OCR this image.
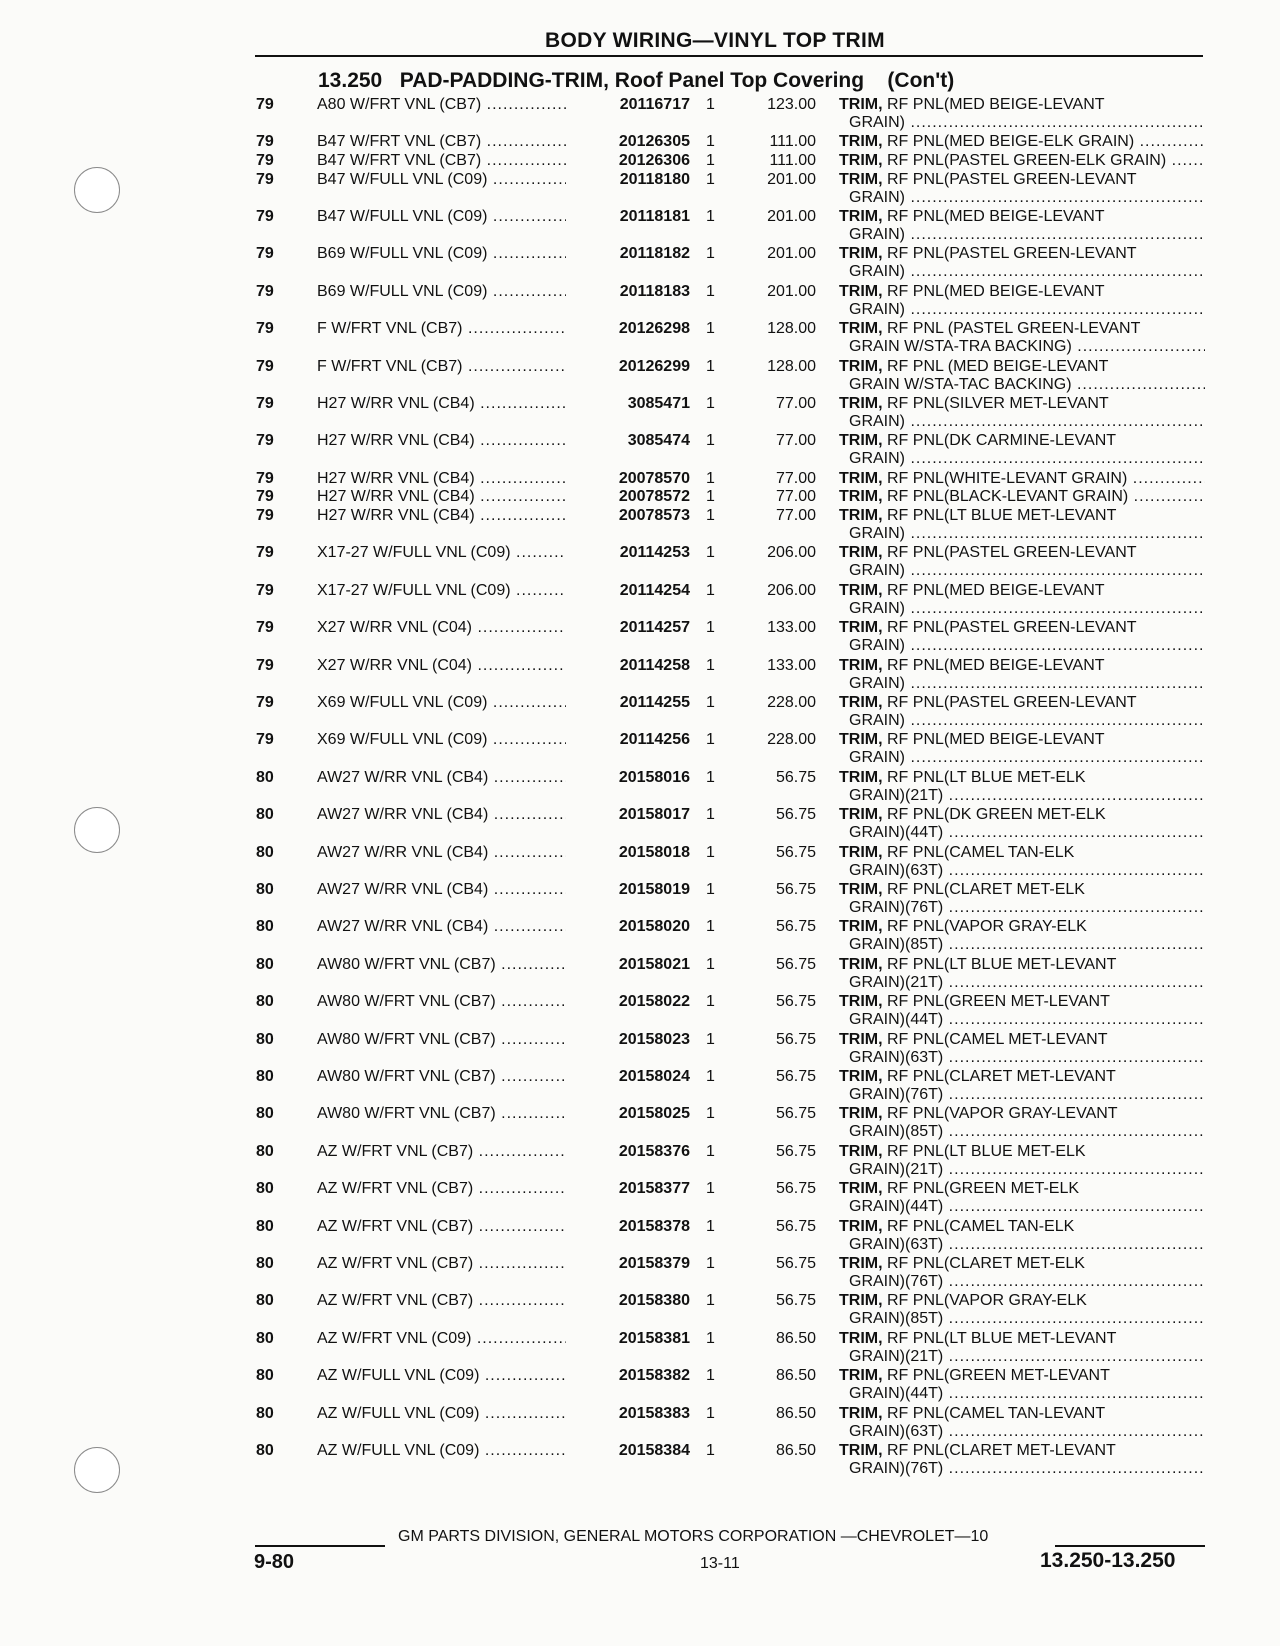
BODY WIRING—VINYL TOP TRIM
13.250 PAD-PADDING-TRIM, Roof Panel Top Covering (Con't)
79	A80 W/FRT VNL (CB7) .....	20116717 1	123.00 TRIM, RF PNL(MED BEIGE-LEVANT
GRAIN) .....
79	B47 W/FRT VNL (CB7) .....	20126305 1	111.00 TRIM, RF PNL(MED BEIGE-ELK GRAIN) .....
79	B47 W/FRT VNL (CB7) .....	20126306 1	111.00 TRIM, RF PNL(PASTEL GREEN-ELK GRAIN) .....
79	B47 W/FULL VNL (C09) .....	20118180 1	201.00 TRIM, RF PNL(PASTEL GREEN-LEVANT
GRAIN) .....
79	B47 W/FULL VNL (C09) .....	20118181 1	201.00 TRIM, RF PNL(MED BEIGE-LEVANT
GRAIN) .....
79	B69 W/FULL VNL (C09) .....	20118182 1	201.00 TRIM, RF PNL(PASTEL GREEN-LEVANT
GRAIN) .....
79	B69 W/FULL VNL (C09) .....	20118183 1	201.00 TRIM, RF PNL(MED BEIGE-LEVANT
GRAIN) .....
79	F W/FRT VNL (CB7) .....	20126298 1	128.00 TRIM, RF PNL (PASTEL GREEN-LEVANT
GRAIN W/STA-TRA BACKING) .....
79	F W/FRT VNL (CB7) .....	20126299 1	128.00 TRIM, RF PNL (MED BEIGE-LEVANT
GRAIN W/STA-TAC BACKING) .....
79	H27 W/RR VNL (CB4) .....	3085471 1	77.00 TRIM, RF PNL(SILVER MET-LEVANT
GRAIN) .....
79	H27 W/RR VNL (CB4) .....	3085474 1	77.00 TRIM, RF PNL(DK CARMINE-LEVANT
GRAIN) .....
79	H27 W/RR VNL (CB4) .....	20078570 1	77.00 TRIM, RF PNL(WHITE-LEVANT GRAIN) .....
79	H27 W/RR VNL (CB4) .....	20078572 1	77.00 TRIM, RF PNL(BLACK-LEVANT GRAIN) .....
79	H27 W/RR VNL (CB4) .....	20078573 1	77.00 TRIM, RF PNL(LT BLUE MET-LEVANT
GRAIN) .....
79	X17-27 W/FULL VNL (C09) .....	20114253 1	206.00 TRIM, RF PNL(PASTEL GREEN-LEVANT
GRAIN) .....
79	X17-27 W/FULL VNL (C09) .....	20114254 1	206.00 TRIM, RF PNL(MED BEIGE-LEVANT
GRAIN) .....
79	X27 W/RR VNL (C04) .....	20114257 1	133.00 TRIM, RF PNL(PASTEL GREEN-LEVANT
GRAIN) .....
79	X27 W/RR VNL (C04) .....	20114258 1	133.00 TRIM, RF PNL(MED BEIGE-LEVANT
GRAIN) .....
79	X69 W/FULL VNL (C09) .....	20114255 1	228.00 TRIM, RF PNL(PASTEL GREEN-LEVANT
GRAIN) .....
79	X69 W/FULL VNL (C09) .....	20114256 1	228.00 TRIM, RF PNL(MED BEIGE-LEVANT
GRAIN) .....
80	AW27 W/RR VNL (CB4) .....	20158016 1	56.75 TRIM, RF PNL(LT BLUE MET-ELK
GRAIN)(21T) .....
80	AW27 W/RR VNL (CB4) .....	20158017 1	56.75 TRIM, RF PNL(DK GREEN MET-ELK
GRAIN)(44T) .....
80	AW27 W/RR VNL (CB4) .....	20158018 1	56.75 TRIM, RF PNL(CAMEL TAN-ELK
GRAIN)(63T) .....
80	AW27 W/RR VNL (CB4) .....	20158019 1	56.75 TRIM, RF PNL(CLARET MET-ELK
GRAIN)(76T) .....
80	AW27 W/RR VNL (CB4) .....	20158020 1	56.75 TRIM, RF PNL(VAPOR GRAY-ELK
GRAIN)(85T) .....
80	AW80 W/FRT VNL (CB7) .....	20158021 1	56.75 TRIM, RF PNL(LT BLUE MET-LEVANT
GRAIN)(21T) .....
80	AW80 W/FRT VNL (CB7) .....	20158022 1	56.75 TRIM, RF PNL(GREEN MET-LEVANT
GRAIN)(44T) .....
80	AW80 W/FRT VNL (CB7) .....	20158023 1	56.75 TRIM, RF PNL(CAMEL MET-LEVANT
GRAIN)(63T) .....
80	AW80 W/FRT VNL (CB7) .....	20158024 1	56.75 TRIM, RF PNL(CLARET MET-LEVANT
GRAIN)(76T) .....
80	AW80 W/FRT VNL (CB7) .....	20158025 1	56.75 TRIM, RF PNL(VAPOR GRAY-LEVANT
GRAIN)(85T) .....
80	AZ W/FRT VNL (CB7) .....	20158376 1	56.75 TRIM, RF PNL(LT BLUE MET-ELK
GRAIN)(21T) .....
80	AZ W/FRT VNL (CB7) .....	20158377 1	56.75 TRIM, RF PNL(GREEN MET-ELK
GRAIN)(44T) .....
80	AZ W/FRT VNL (CB7) .....	20158378 1	56.75 TRIM, RF PNL(CAMEL TAN-ELK
GRAIN)(63T) .....
80	AZ W/FRT VNL (CB7) .....	20158379 1	56.75 TRIM, RF PNL(CLARET MET-ELK
GRAIN)(76T) .....
80	AZ W/FRT VNL (CB7) .....	20158380 1	56.75 TRIM, RF PNL(VAPOR GRAY-ELK
GRAIN)(85T) .....
80	AZ W/FRT VNL (C09) .....	20158381 1	86.50 TRIM, RF PNL(LT BLUE MET-LEVANT
GRAIN)(21T) .....
80	AZ W/FULL VNL (C09) .....	20158382 1	86.50 TRIM, RF PNL(GREEN MET-LEVANT
GRAIN)(44T) .....
80	AZ W/FULL VNL (C09) .....	20158383 1	86.50 TRIM, RF PNL(CAMEL TAN-LEVANT
GRAIN)(63T) .....
80	AZ W/FULL VNL (C09) .....	20158384 1	86.50 TRIM, RF PNL(CLARET MET-LEVANT
GRAIN)(76T) .....
GM PARTS DIVISION, GENERAL MOTORS CORPORATION —CHEVROLET—10
9-80	13-11	13.250-13.250
